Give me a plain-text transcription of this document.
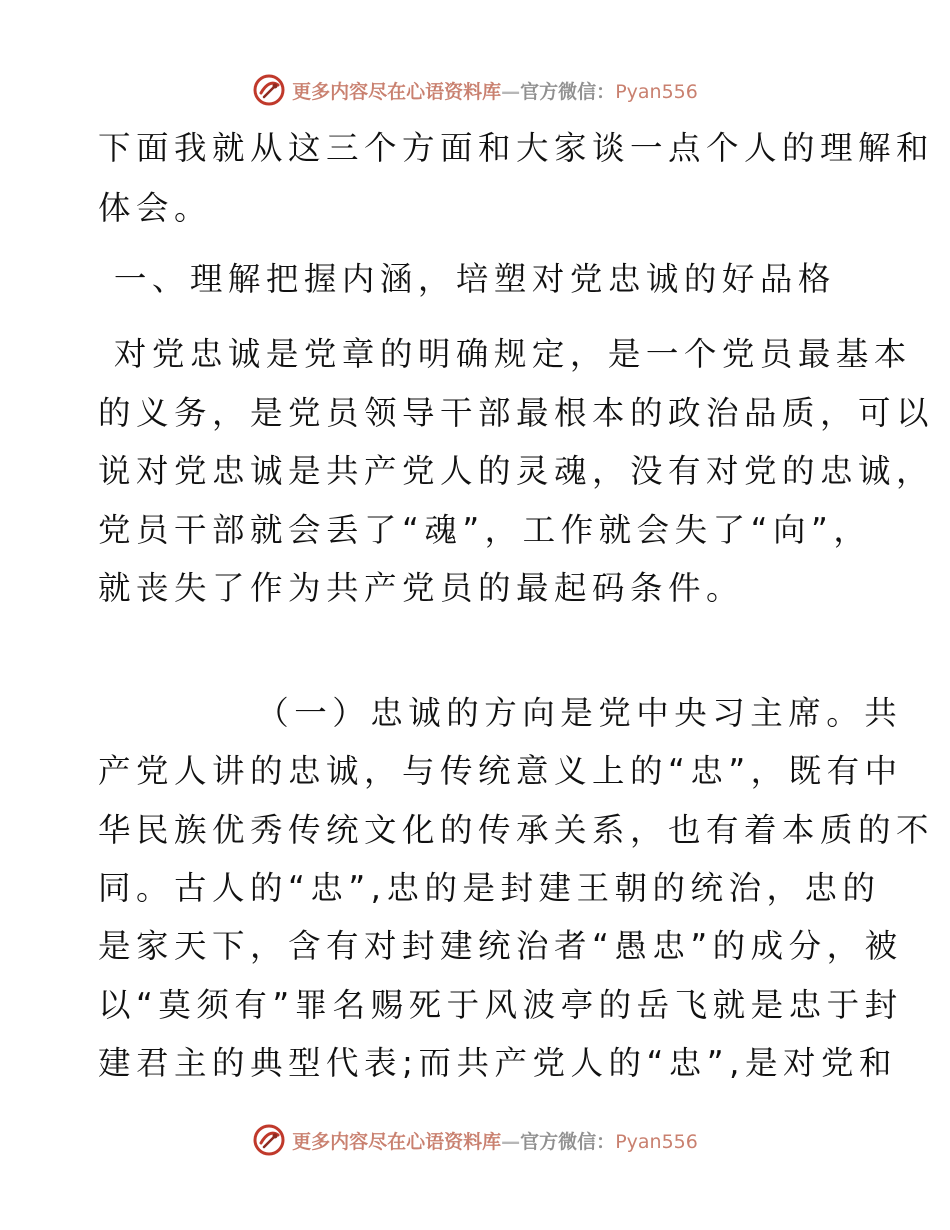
更多内容尽在心语资料库—官方微信：Pyan556
下面我就从这三个方面和大家谈一点个人的理解和
体会。
一、理解把握内涵，培塑对党忠诚的好品格
对党忠诚是党章的明确规定，是一个党员最基本
的义务，是党员领导干部最根本的政治品质，可以
说对党忠诚是共产党人的灵魂，没有对党的忠诚，
党员干部就会丢了“魂”，工作就会失了“向”，
就丧失了作为共产党员的最起码条件。
（一）忠诚的方向是党中央习主席。共
产党人讲的忠诚，与传统意义上的“忠”，既有中
华民族优秀传统文化的传承关系，也有着本质的不
同。古人的“忠”,忠的是封建王朝的统治，忠的
是家天下，含有对封建统治者“愚忠”的成分，被
以“莫须有”罪名赐死于风波亭的岳飞就是忠于封
建君主的典型代表;而共产党人的“忠”,是对党和
更多内容尽在心语资料库—官方微信：Pyan556
